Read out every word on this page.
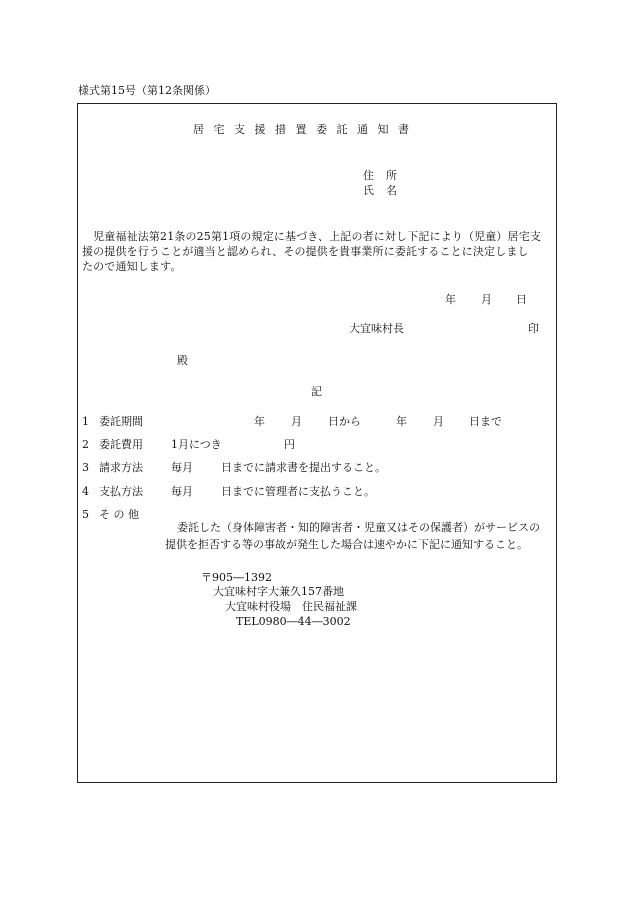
様式第15号（第12条関係）
居宅支援措置委託通知書
住所
氏名
　児童福祉法第21条の25第1項の規定に基づき、上記の者に対し下記により（児童）居宅支
援の提供を行うことが適当と認められ、その提供を貴事業所に委託することに決定しまし
たので通知します。
年 月 日
大宜味村長	印
殿
記
1 委託期間	年 月 日から	年 月 日まで
2 委託費用	1月につき	円
3 請求方法	毎月	日までに請求書を提出すること。
4 支払方法	毎月	日までに管理者に支払うこと。
5 そ の 他
委託した（身体障害者・知的障害者・児童又はその保護者）がサービスの
提供を拒否する等の事故が発生した場合は速やかに下記に通知すること。
〒905―1392
大宜味村字大兼久157番地
大宜味村役場　住民福祉課
TEL0980―44―3002
